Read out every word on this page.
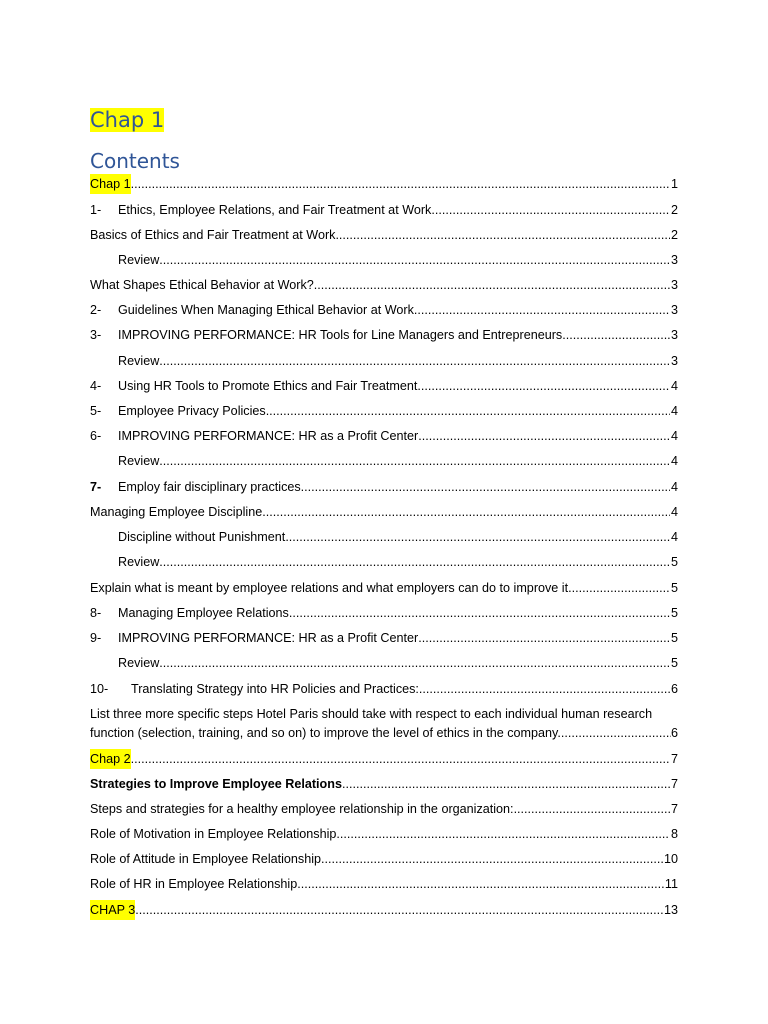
Chap 1
Contents
Chap 1 .....	1
1-	Ethics, Employee Relations, and Fair Treatment at Work .....	2
Basics of Ethics and Fair Treatment at Work .....	2
Review .....	3
What Shapes Ethical Behavior at Work? .....	3
2-	Guidelines When Managing Ethical Behavior at Work .....	3
3-	IMPROVING PERFORMANCE: HR Tools for Line Managers and Entrepreneurs .....	3
Review .....	3
4-	Using HR Tools to Promote Ethics and Fair Treatment .....	4
5-	Employee Privacy Policies .....	4
6-	IMPROVING PERFORMANCE: HR as a Profit Center .....	4
Review .....	4
7-	Employ fair disciplinary practices .....	4
Managing Employee Discipline .....	4
Discipline without Punishment .....	4
Review .....	5
Explain what is meant by employee relations and what employers can do to improve it .....	5
8-	Managing Employee Relations .....	5
9-	IMPROVING PERFORMANCE: HR as a Profit Center .....	5
Review .....	5
10-	Translating Strategy into HR Policies and Practices: .....	6
List three more specific steps Hotel Paris should take with respect to each individual human research
function (selection, training, and so on) to improve the level of ethics in the company. .....	6
Chap 2 .....	7
Strategies to Improve Employee Relations .....	7
Steps and strategies for a healthy employee relationship in the organization: .....	7
Role of Motivation in Employee Relationship .....	8
Role of Attitude in Employee Relationship .....	10
Role of HR in Employee Relationship .....	11
CHAP 3 .....	13
